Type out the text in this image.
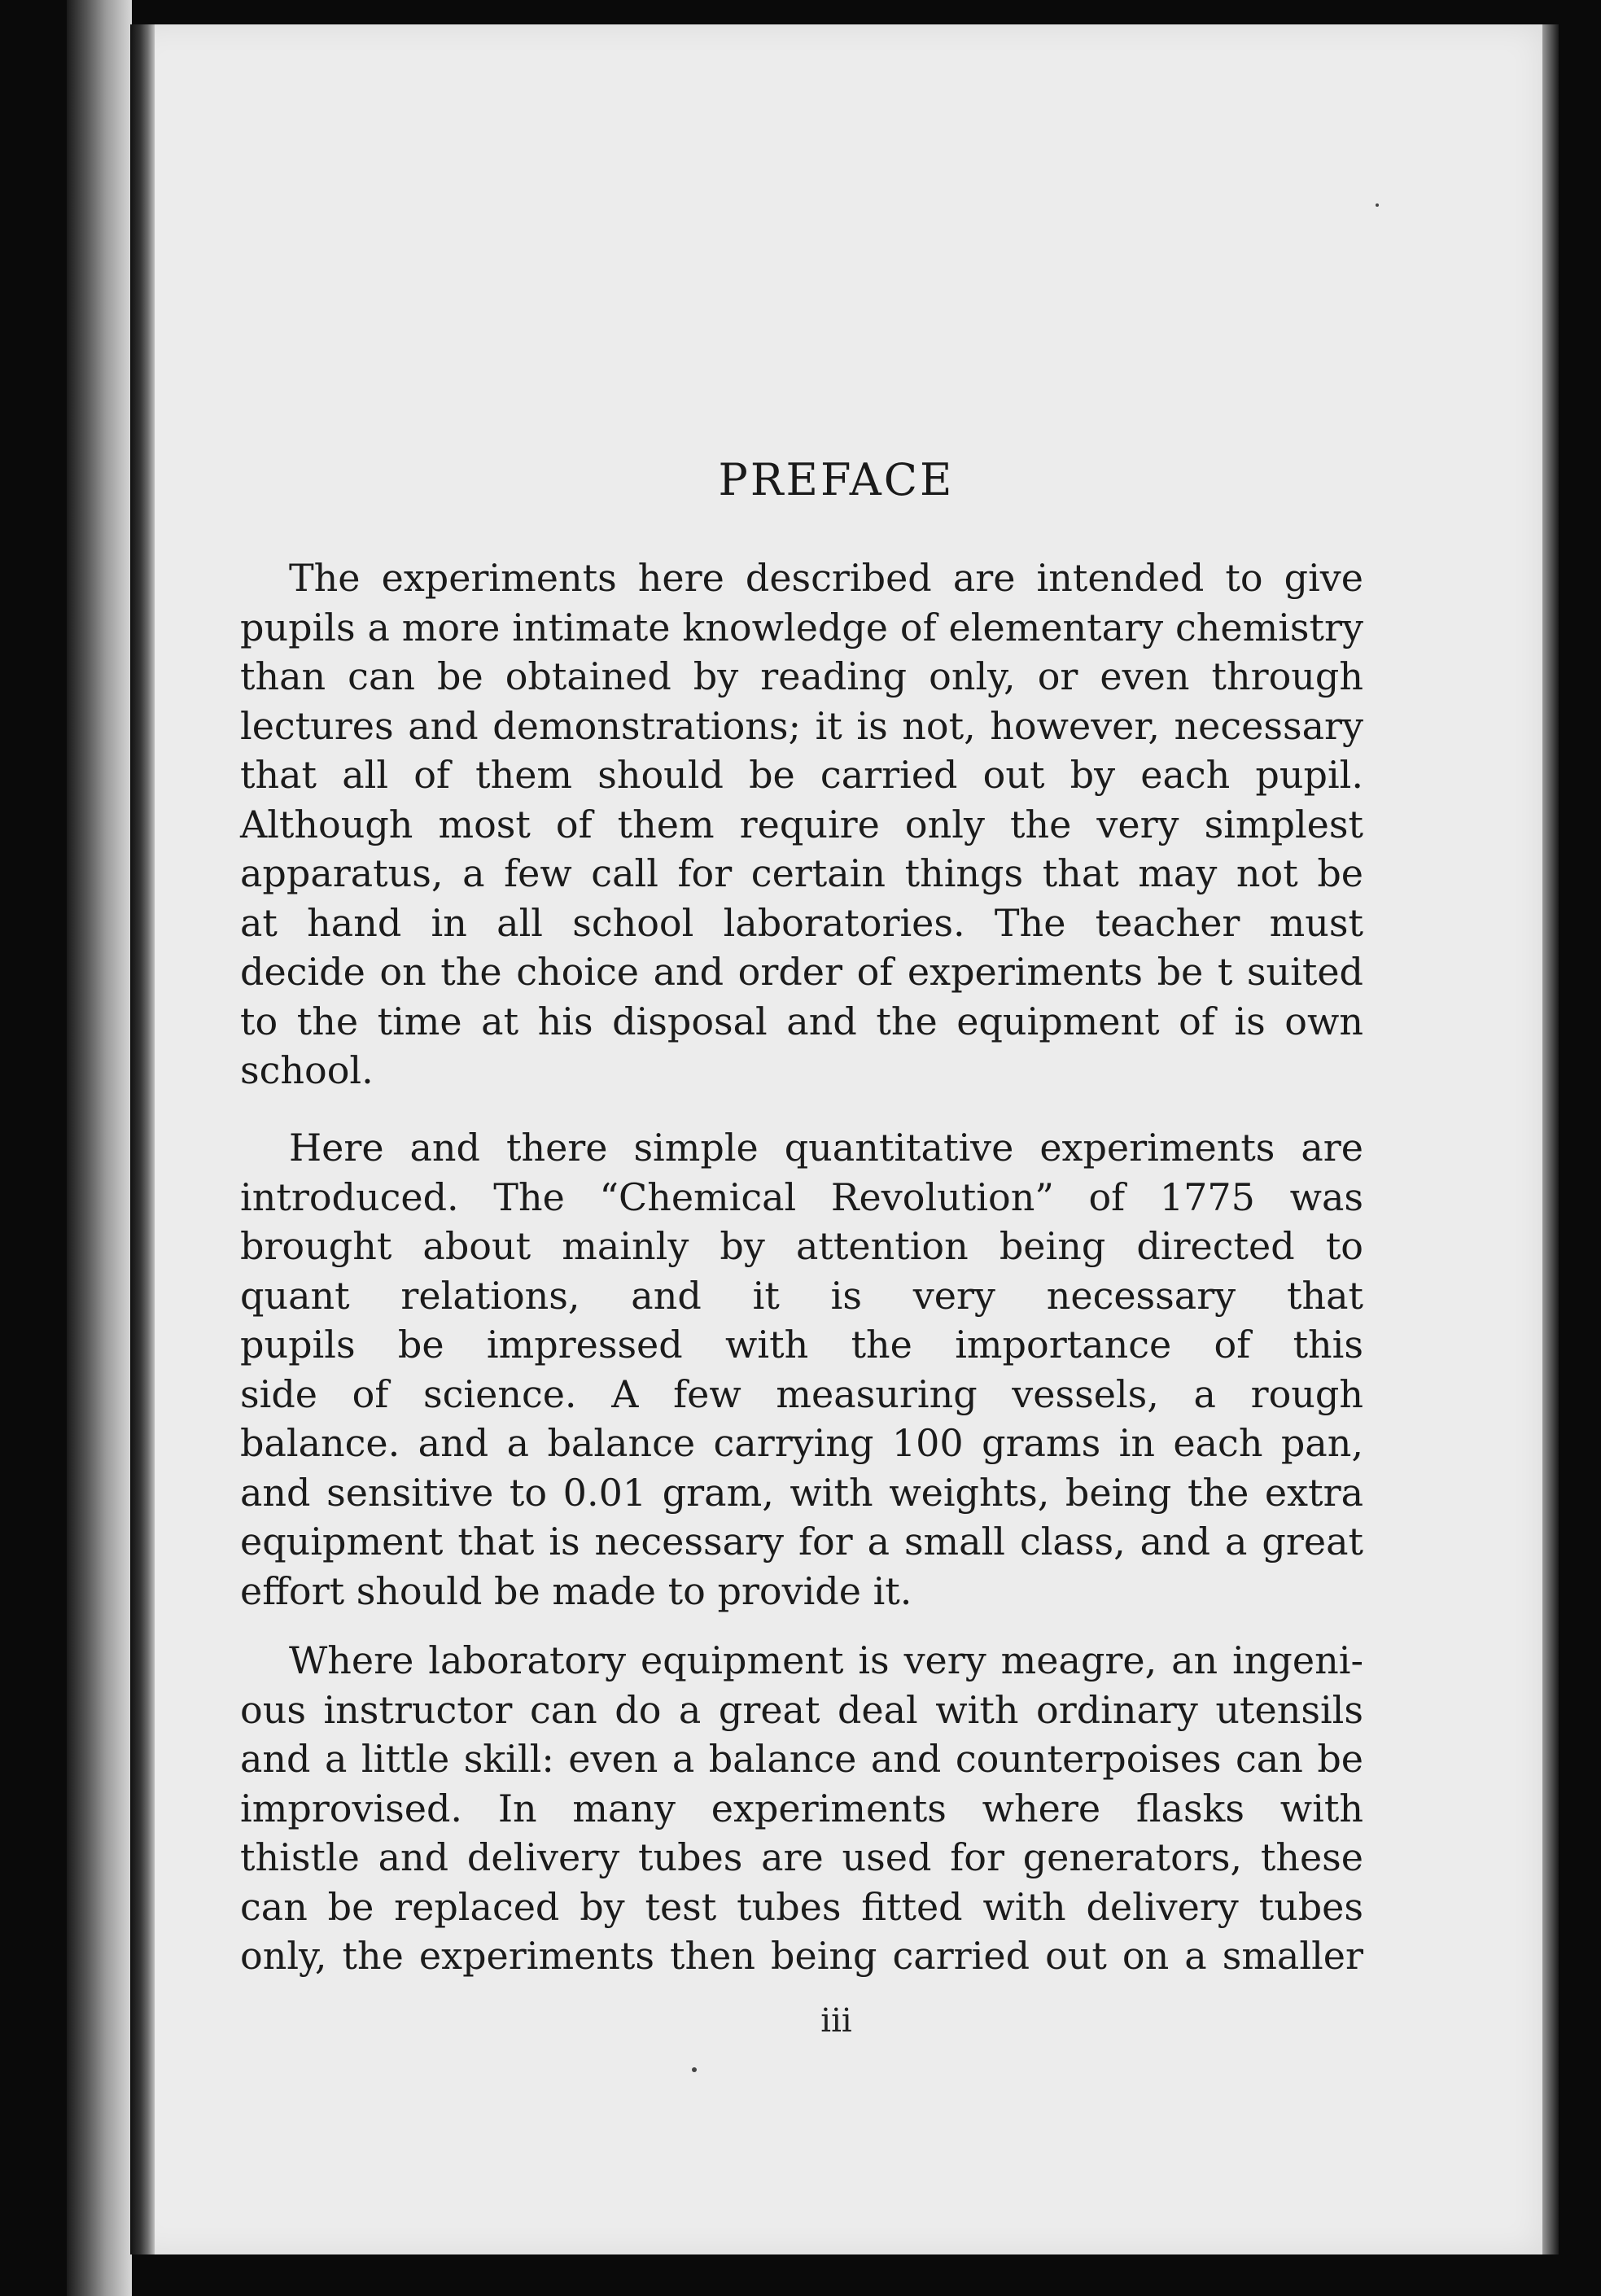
PREFACE
The experiments here described are intended to give
pupils a more intimate knowledge of elementary chemistry
than can be obtained by reading only, or even through
lectures and demonstrations; it is not, however, necessary
that all of them should be carried out by each pupil.
Although most of them require only the very simplest
apparatus, a few call for certain things that may not be
at hand in all school laboratories. The teacher must
decide on the choice and order of experiments be t suited
to the time at his disposal and the equipment of is own
school.
Here and there simple quantitative experiments are
introduced. The “Chemical Revolution” of 1775 was
brought about mainly by attention being directed to
quant relations, and it is very necessary that
pupils be impressed with the importance of this
side of science. A few measuring vessels, a rough
balance. and a balance carrying 100 grams in each pan,
and sensitive to 0.01 gram, with weights, being the extra
equipment that is necessary for a small class, and a great
effort should be made to provide it.
Where laboratory equipment is very meagre, an ingeni-
ous instructor can do a great deal with ordinary utensils
and a little skill: even a balance and counterpoises can be
improvised. In many experiments where flasks with
thistle and delivery tubes are used for generators, these
can be replaced by test tubes fitted with delivery tubes
only, the experiments then being carried out on a smaller
iii
